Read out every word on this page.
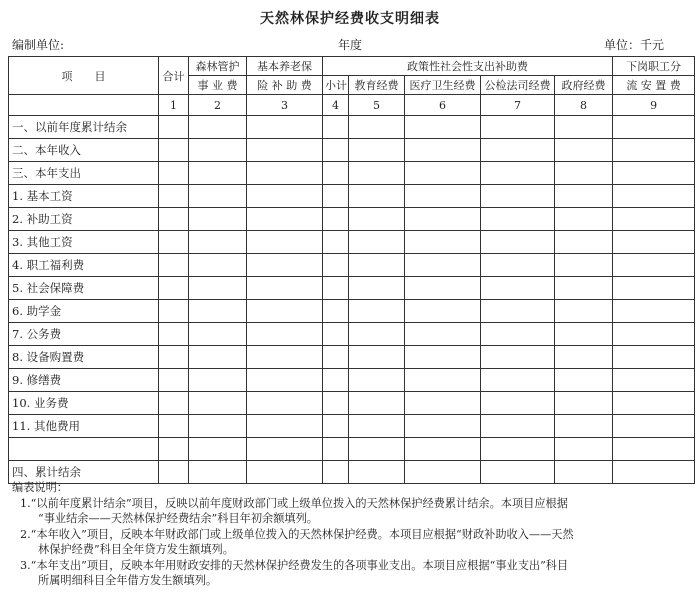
天然林保护经费收支明细表
编制单位:	年度	单位：千元
项　　目	合计	森林管护	基本养老保	政策性社会性支出补助费					下岗职工分
		事 业 费	险 补 助 费	小计	教育经费	医疗卫生经费	公检法司经费	政府经费	流 安 置 费
	1	2	3	4	5	6	7	8	9
一、以前年度累计结余									
二、本年收入									
三、本年支出									
1. 基本工资									
2. 补助工资									
3. 其他工资									
4. 职工福利费									
5. 社会保障费									
6. 助学金									
7. 公务费									
8. 设备购置费									
9. 修缮费									
10. 业务费									
11. 其他费用									

四、累计结余									
编表说明：
1.“以前年度累计结余”项目，反映以前年度财政部门或上级单位拨入的天然林保护经费累计结余。本项目应根据
“事业结余——天然林保护经费结余”科目年初余额填列。
2.“本年收入”项目，反映本年财政部门或上级单位拨入的天然林保护经费。本项目应根据“财政补助收入——天然
林保护经费”科目全年贷方发生额填列。
3.“本年支出”项目，反映本年用财政安排的天然林保护经费发生的各项事业支出。本项目应根据“事业支出”科目
所属明细科目全年借方发生额填列。
